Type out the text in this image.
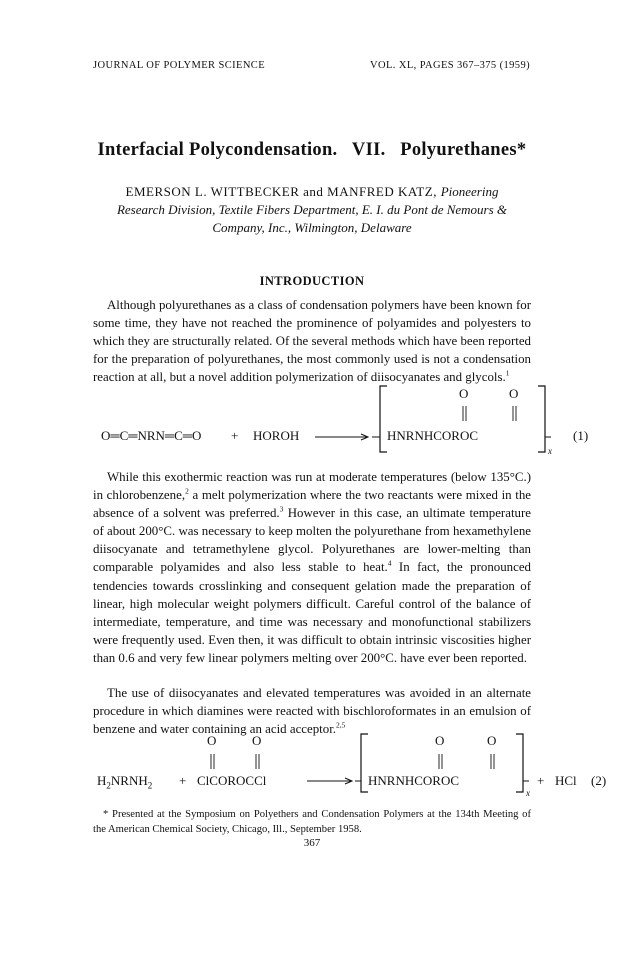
JOURNAL OF POLYMER SCIENCE	VOL. XL, PAGES 367–375 (1959)
Interfacial Polycondensation.   VII.   Polyurethanes*
EMERSON L. WITTBECKER and MANFRED KATZ, Pioneering
Research Division, Textile Fibers Department, E. I. du Pont de Nemours &
Company, Inc., Wilmington, Delaware
INTRODUCTION

Although polyurethanes as a class of condensation polymers have been known for some time, they have not reached the prominence of polyamides and polyesters to which they are structurally related. Of the several methods which have been reported for the preparation of polyurethanes, the most commonly used is not a condensation reaction at all, but a novel addition polymerization of diisocyanates and glycols.$^1$

O	O
O═C═NRN═C═O + HOROH	HNRNHCOROC
x
(1)

While this exothermic reaction was run at moderate temperatures (below 135°C.) in chlorobenzene,$^2$ a melt polymerization where the two reactants were mixed in the absence of a solvent was preferred.$^3$ However in this case, an ultimate temperature of about 200°C. was necessary to keep molten the polyurethane from hexamethylene diisocyanate and tetramethylene glycol. Polyurethanes are lower-melting than comparable polyamides and also less stable to heat.$^4$ In fact, the pronounced tendencies towards crosslinking and consequent gelation made the preparation of linear, high molecular weight polymers difficult. Careful control of the balance of intermediate, temperature, and time was necessary and monofunctional stabilizers were frequently used. Even then, it was difficult to obtain intrinsic viscosities higher than 0.6 and very few linear polymers melting over 200°C. have ever been reported.

The use of diisocyanates and elevated temperatures was avoided in an alternate procedure in which diamines were reacted with bischloroformates in an emulsion of benzene and water containing an acid acceptor.$^{2,5}$

O	O	O	O
$H_2NRNH_2$ + ClCOROCCl	HNRNHCOROC
x
+ HCl (2)

* Presented at the Symposium on Polyethers and Condensation Polymers at the 134th Meeting of the American Chemical Society, Chicago, Ill., September 1958.

367
